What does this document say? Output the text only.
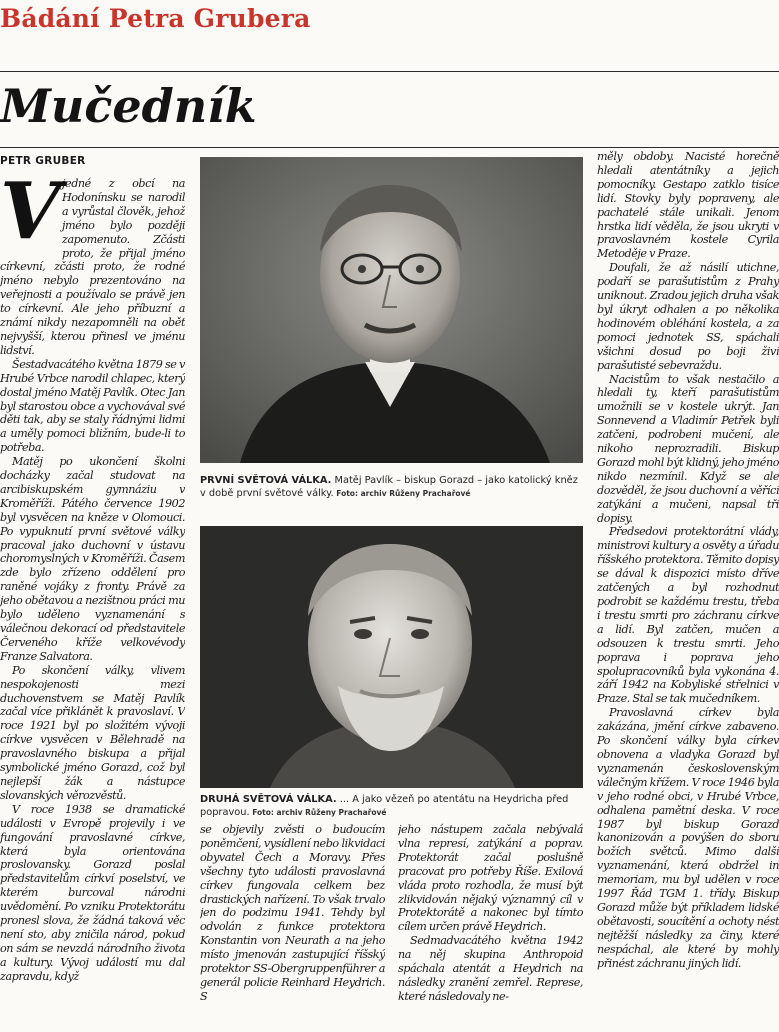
Bádání Petra Grubera
Mučedník
PETR GRUBER

Vjedné z obcí na Hodonínsku se narodil a vyrůstal člověk, jehož jméno bylo později zapomenuto. Zčásti proto, že přijal jméno církevní, zčásti proto, že rodné jméno nebylo prezentováno na veřejnosti a používalo se právě jen to církevní. Ale jeho příbuzní a známí nikdy nezapomněli na oběť nejvyšší, kterou přinesl ve jménu lidství.

Šestadvacátého května 1879 se v Hrubé Vrbce narodil chlapec, který dostal jméno Matěj Pavlík. Otec Jan byl starostou obce a vychovával své děti tak, aby se staly řádnými lidmi a uměly pomoci bližním, bude-li to potřeba.

Matěj po ukončení školní docházky začal studovat na arcibiskupském gymnáziu v Kroměříži. Pátého července 1902 byl vysvěcen na kněze v Olomouci. Po vypuknutí první světové války pracoval jako duchovní v ústavu choromyslných v Kroměříži. Časem zde bylo zřízeno oddělení pro raněné vojáky z fronty. Právě za jeho obětavou a nezištnou práci mu bylo uděleno vyznamenání s válečnou dekorací od představitele Červeného kříže velkovévody Franze Salvatora.

Po skončení války, vlivem nespokojenosti mezi duchovenstvem se Matěj Pavlík začal více přiklánět k pravoslaví. V roce 1921 byl po složitém vývoji církve vysvěcen v Bělehradě na pravoslavného biskupa a přijal symbolické jméno Gorazd, což byl nejlepší žák a nástupce slovanských věrozvěstů.

V roce 1938 se dramatické události v Evropě projevily i ve fungování pravoslavné církve, která byla orientována proslovansky. Gorazd poslal představitelům církví poselství, ve kterém burcoval národní uvědomění. Po vzniku Protektorátu pronesl slova, že žádná taková věc není sto, aby zničila národ, pokud on sám se nevzdá národního života a kultury. Vývoj událostí mu dal zapravdu, když

PRVNÍ SVĚTOVÁ VÁLKA. Matěj Pavlík – biskup Gorazd – jako katolický kněz v době první světové války. Foto: archiv Růženy Prachařové

DRUHÁ SVĚTOVÁ VÁLKA. ... A jako vězeň po atentátu na Heydricha před popravou. Foto: archiv Růženy Prachařové

se objevily zvěsti o budoucím poněmčení, vysídlení nebo likvidaci obyvatel Čech a Moravy. Přes všechny tyto události pravoslavná církev fungovala celkem bez drastických nařízení. To však trvalo jen do podzimu 1941. Tehdy byl odvolán z funkce protektora Konstantin von Neurath a na jeho místo jmenován zastupující říšský protektor SS-Obergruppenführer a generál policie Reinhard Heydrich. S

jeho nástupem začala nebývalá vlna represí, zatýkání a poprav. Protektorát začal poslušně pracovat pro potřeby Říše. Exilová vláda proto rozhodla, že musí být zlikvidován nějaký významný cíl v Protektorátě a nakonec byl tímto cílem určen právě Heydrich.

Sedmadvacátého května 1942 na něj skupina Anthropoid spáchala atentát a Heydrich na následky zranění zemřel. Represe, které následovaly ne-

měly obdoby. Nacisté horečně hledali atentátníky a jejich pomocníky. Gestapo zatklo tisíce lidí. Stovky byly popraveny, ale pachatelé stále unikali. Jenom hrstka lidí věděla, že jsou ukryti v pravoslavném kostele Cyrila Metoděje v Praze.

Doufali, že až násilí utichne, podaří se parašutistům z Prahy uniknout. Zradou jejich druha však byl úkryt odhalen a po několika hodinovém obléhání kostela, a za pomoci jednotek SS, spáchali všichni dosud po boji živí parašutisté sebevraždu.

Nacistům to však nestačilo a hledali ty, kteří parašutistům umožnili se v kostele ukrýt. Jan Sonnevend a Vladimír Petřek byli zatčeni, podrobeni mučení, ale nikoho neprozradili. Biskup Gorazd mohl být klidný, jeho jméno nikdo nezmínil. Když se ale dozvěděl, že jsou duchovní a věřící zatýkáni a mučeni, napsal tři dopisy.

Předsedovi protektorátní vlády, ministrovi kultury a osvěty a úřadu říšského protektora. Těmito dopisy se dával k dispozici místo dříve zatčených a byl rozhodnut podrobit se každému trestu, třeba i trestu smrti pro záchranu církve a lidí. Byl zatčen, mučen a odsouzen k trestu smrti. Jeho poprava i poprava jeho spolupracovníků byla vykonána 4. září 1942 na Kobyliské střelnici v Praze. Stal se tak mučedníkem.

Pravoslavná církev byla zakázána, jmění církve zabaveno. Po skončení války byla církev obnovena a vladyka Gorazd byl vyznamenán československým válečným křížem. V roce 1946 byla v jeho rodné obci, v Hrubé Vrbce, odhalena pamětní deska. V roce 1987 byl biskup Gorazd kanonizován a povýšen do sboru božích světců. Mimo další vyznamenání, která obdržel in memoriam, mu byl udělen v roce 1997 Řád TGM 1. třídy. Biskup Gorazd může být příkladem lidské obětavosti, soucítění a ochoty nést nejtěžší následky za činy, které nespáchal, ale které by mohly přinést záchranu jiných lidí.
